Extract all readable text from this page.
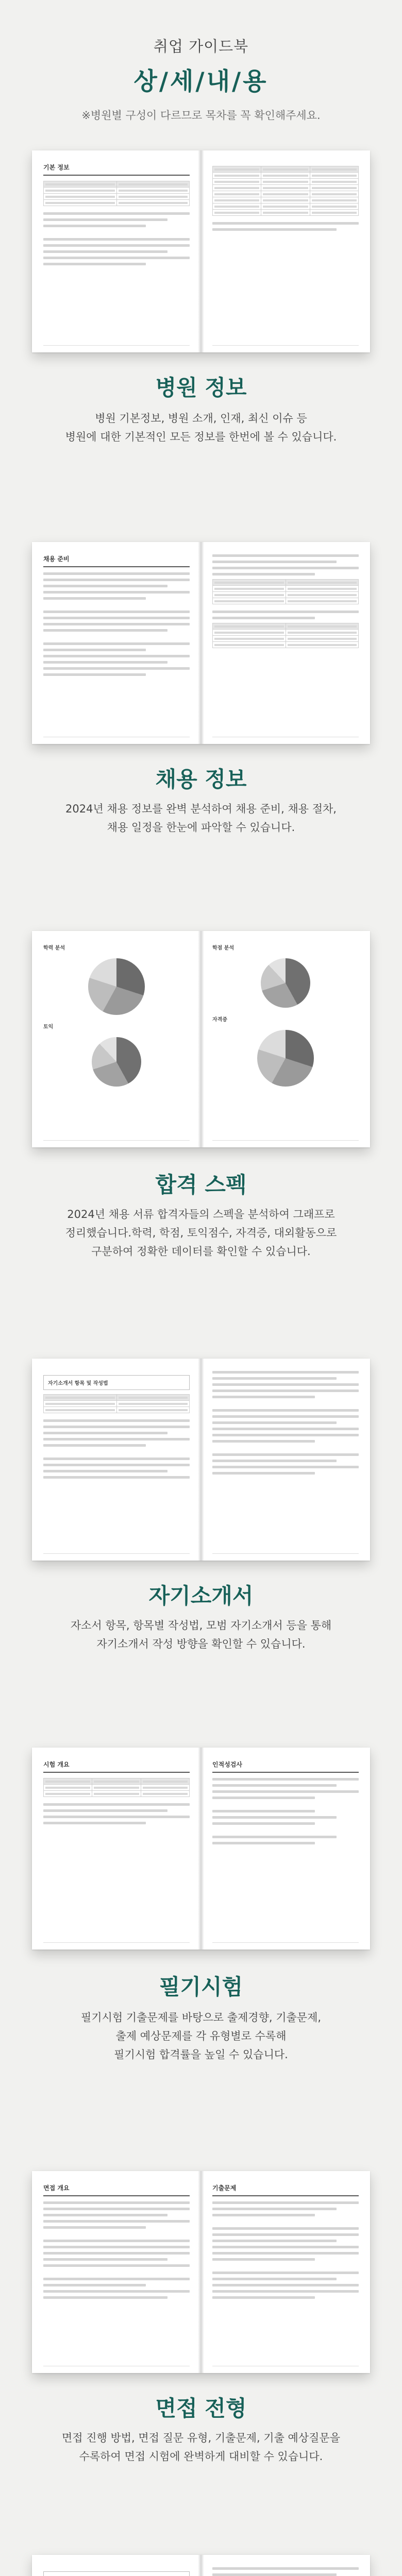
취업 가이드북
상/세/내/용
※병원별 구성이 다르므로 목차를 꼭 확인해주세요.
기본 정보

병원 정보
병원 기본정보, 병원 소개, 인재, 최신 이슈 등
병원에 대한 기본적인 모든 정보를 한번에 볼 수 있습니다.
채용 준비

채용 정보
2024년 채용 정보를 완벽 분석하여 채용 준비, 채용 절차,
채용 일정을 한눈에 파악할 수 있습니다.
학력 분석
토익
학점 분석
자격증
합격 스펙
2024년 채용 서류 합격자들의 스펙을 분석하여 그래프로
정리했습니다.학력, 학점, 토익점수, 자격증, 대외활동으로
구분하여 정확한 데이터를 확인할 수 있습니다.
자기소개서 항목 및 작성법

자기소개서
자소서 항목, 항목별 작성법, 모범 자기소개서 등을 통해
자기소개서 작성 방향을 확인할 수 있습니다.
시험 개요

		인적성검사
필기시험
필기시험 기출문제를 바탕으로 출제경향, 기출문제,
출제 예상문제를 각 유형별로 수록해
필기시험 합격률을 높일 수 있습니다.
면접 개요	기출문제
면접 전형
면접 진행 방법, 면접 질문 유형, 기출문제, 기출 예상질문을
수록하여 면접 시험에 완벽하게 대비할 수 있습니다.
